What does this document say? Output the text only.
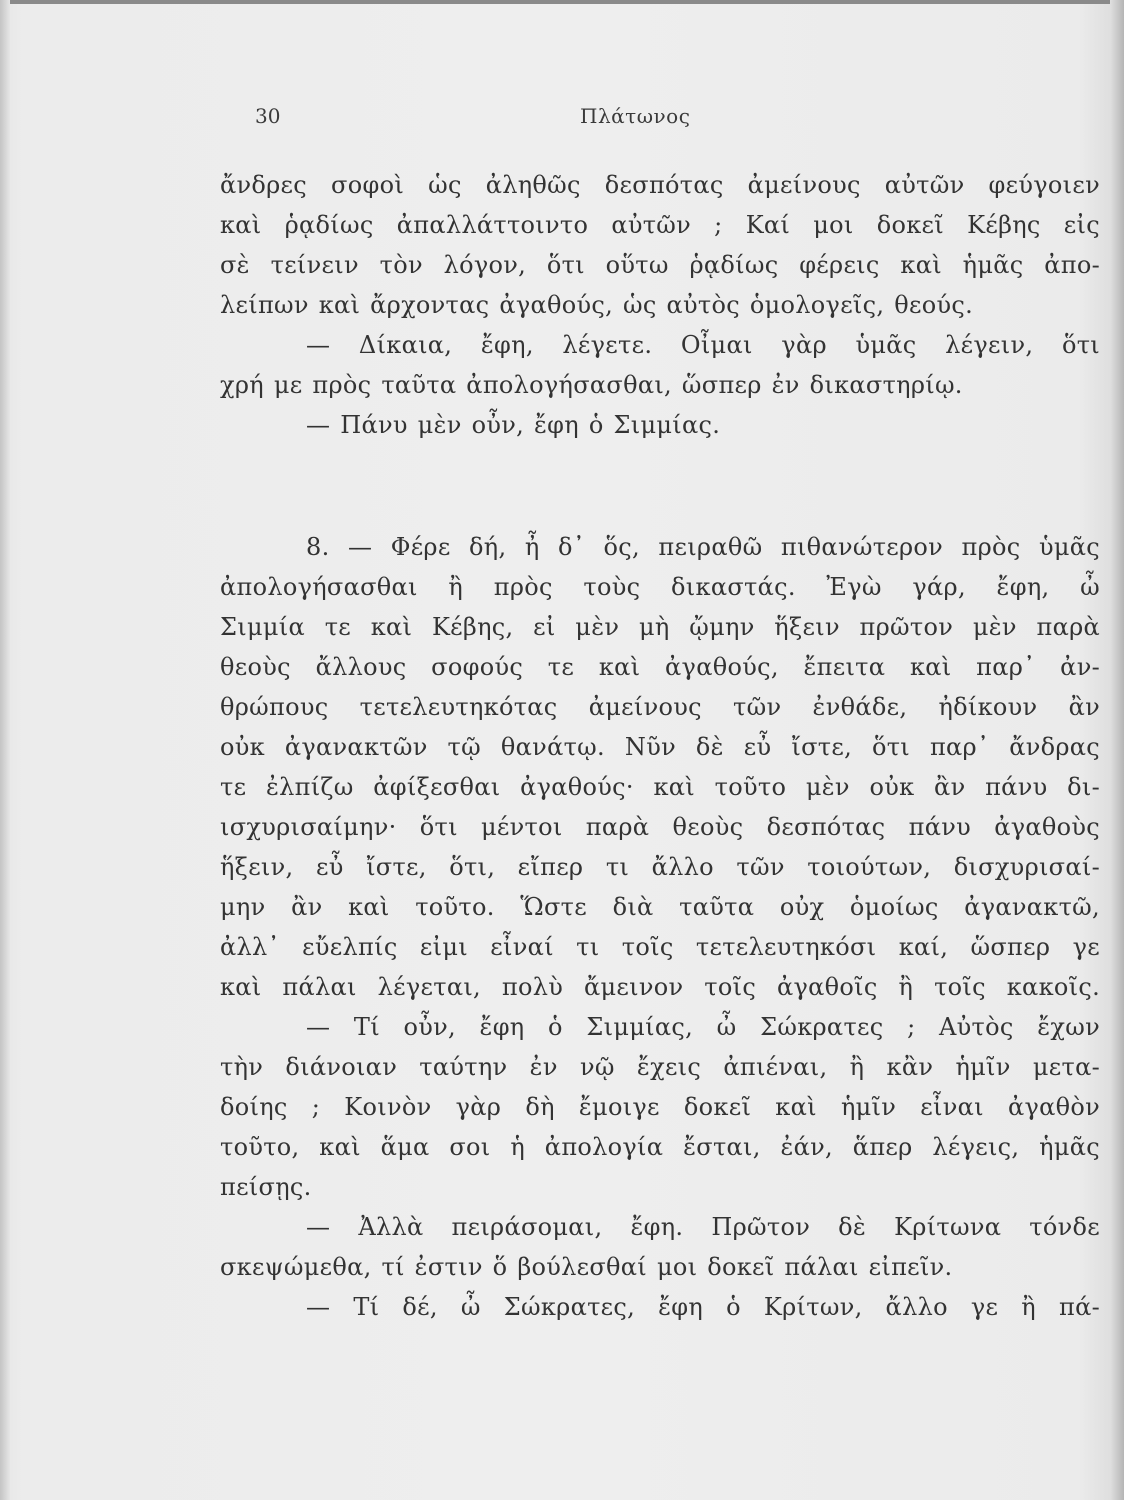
30	Πλάτωνος
ἄνδρες σοφοὶ ὡς ἀληθῶς δεσπότας ἀμείνους αὐτῶν φεύγοιεν
καὶ ῥᾳδίως ἀπαλλάττοιντο αὐτῶν ; Καί μοι δοκεῖ Κέβης εἰς
σὲ τείνειν τὸν λόγον, ὅτι οὕτω ῥᾳδίως φέρεις καὶ ἡμᾶς ἀπο-
λείπων καὶ ἄρχοντας ἀγαθούς, ὡς αὐτὸς ὁμολογεῖς, θεούς.
— Δίκαια, ἔφη, λέγετε. Οἶμαι γὰρ ὑμᾶς λέγειν, ὅτι
χρή με πρὸς ταῦτα ἀπολογήσασθαι, ὥσπερ ἐν δικαστηρίῳ.
— Πάνυ μὲν οὖν, ἔφη ὁ Σιμμίας.
8. — Φέρε δή, ἦ δ᾽ ὅς, πειραθῶ πιθανώτερον πρὸς ὑμᾶς
ἀπολογήσασθαι ἢ πρὸς τοὺς δικαστάς. Ἐγὼ γάρ, ἔφη, ὦ
Σιμμία τε καὶ Κέβης, εἰ μὲν μὴ ᾤμην ἥξειν πρῶτον μὲν παρὰ
θεοὺς ἄλλους σοφούς τε καὶ ἀγαθούς, ἔπειτα καὶ παρ᾽ ἀν-
θρώπους τετελευτηκότας ἀμείνους τῶν ἐνθάδε, ἠδίκουν ἂν
οὐκ ἀγανακτῶν τῷ θανάτῳ. Νῦν δὲ εὖ ἴστε, ὅτι παρ᾽ ἄνδρας
τε ἐλπίζω ἀφίξεσθαι ἀγαθούς· καὶ τοῦτο μὲν οὐκ ἂν πάνυ δι-
ισχυρισαίμην· ὅτι μέντοι παρὰ θεοὺς δεσπότας πάνυ ἀγαθοὺς
ἥξειν, εὖ ἴστε, ὅτι, εἴπερ τι ἄλλο τῶν τοιούτων, δισχυρισαί-
μην ἂν καὶ τοῦτο. Ὥστε διὰ ταῦτα οὐχ ὁμοίως ἀγανακτῶ,
ἀλλ᾽ εὔελπίς εἰμι εἶναί τι τοῖς τετελευτηκόσι καί, ὥσπερ γε
καὶ πάλαι λέγεται, πολὺ ἄμεινον τοῖς ἀγαθοῖς ἢ τοῖς κακοῖς.
— Τί οὖν, ἔφη ὁ Σιμμίας, ὦ Σώκρατες ; Αὐτὸς ἔχων
τὴν διάνοιαν ταύτην ἐν νῷ ἔχεις ἀπιέναι, ἢ κἂν ἡμῖν μετα-
δοίης ; Κοινὸν γὰρ δὴ ἔμοιγε δοκεῖ καὶ ἡμῖν εἶναι ἀγαθὸν
τοῦτο, καὶ ἅμα σοι ἡ ἀπολογία ἔσται, ἐάν, ἅπερ λέγεις, ἡμᾶς
πείσῃς.
— Ἀλλὰ πειράσομαι, ἔφη. Πρῶτον δὲ Κρίτωνα τόνδε
σκεψώμεθα, τί ἐστιν ὅ βούλεσθαί μοι δοκεῖ πάλαι εἰπεῖν.
— Τί δέ, ὦ Σώκρατες, ἔφη ὁ Κρίτων, ἄλλο γε ἢ πά-
